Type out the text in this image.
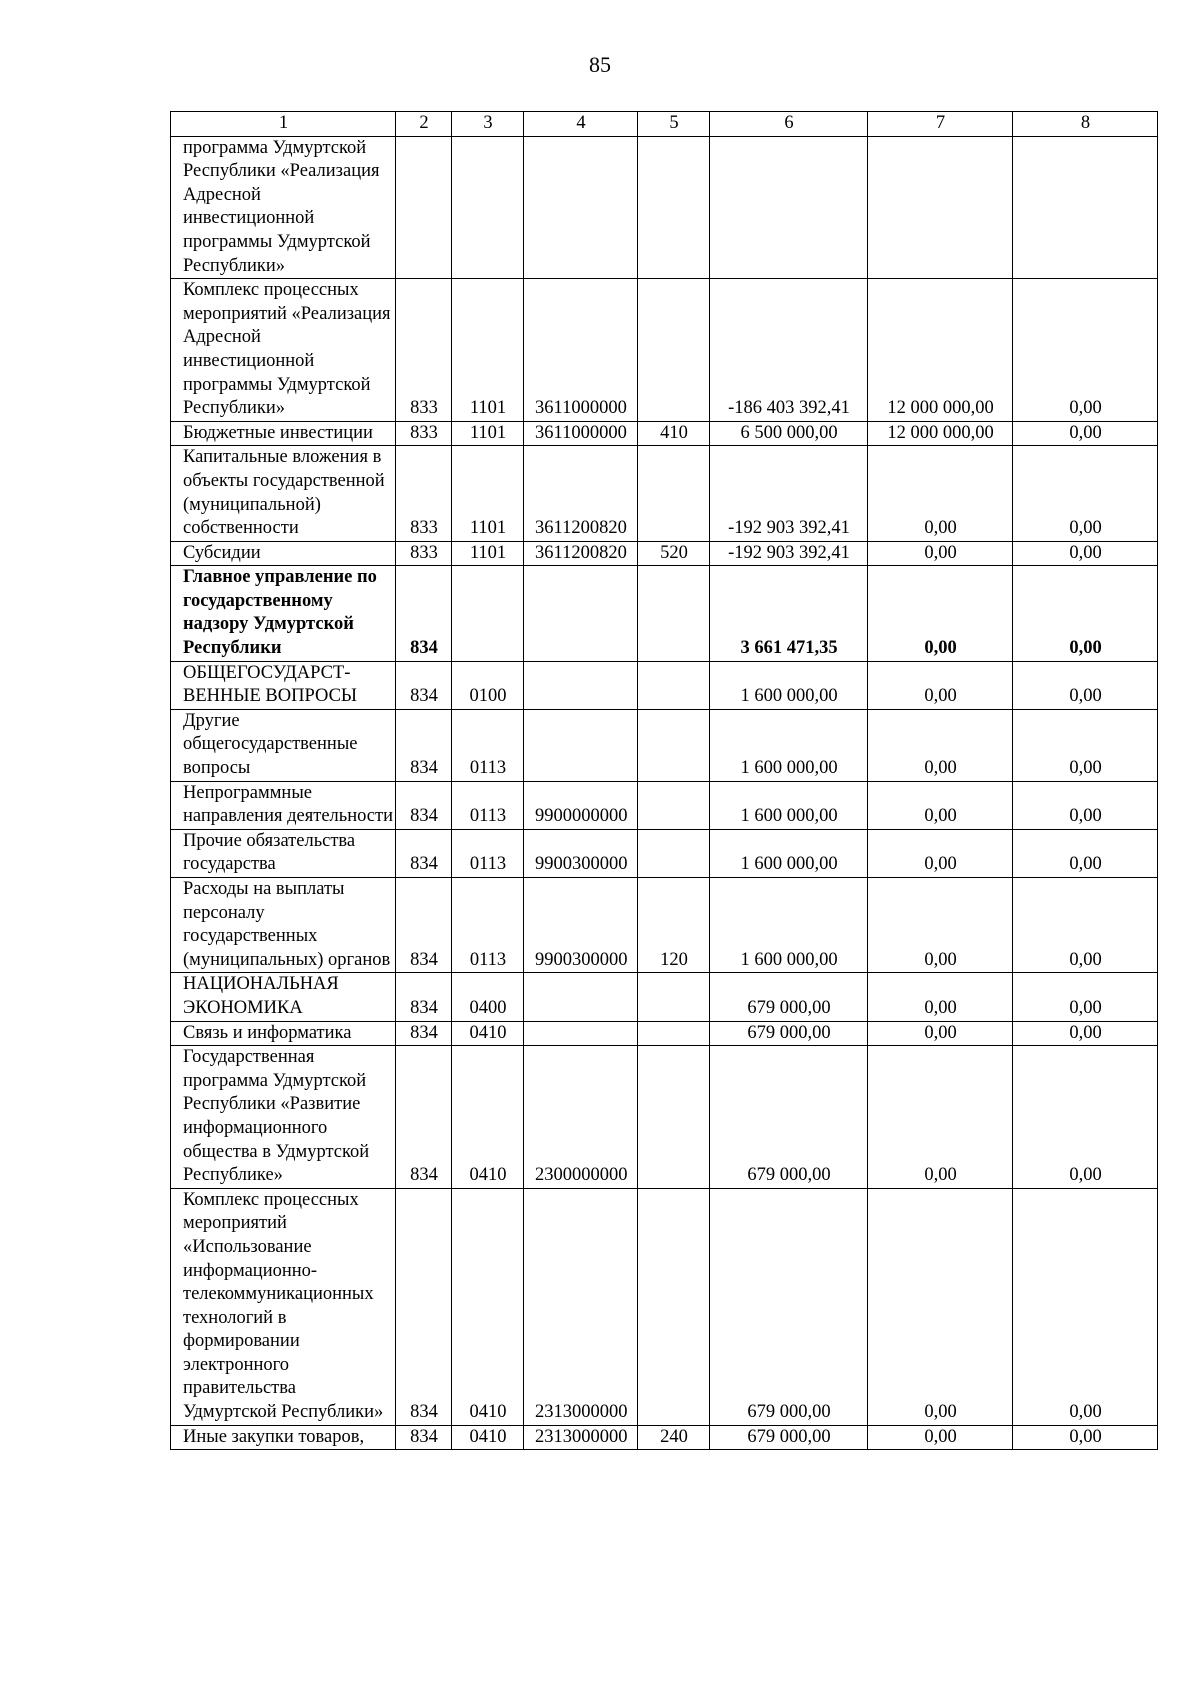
85
1	2	3	4	5	6	7	8
программа Удмуртской Республики «Реализация Адресной инвестиционной программы Удмуртской Республики»							
Комплекс процессных мероприятий «Реализация Адресной инвестиционной программы Удмуртской Республики»	833	1101	3611000000		-186 403 392,41	12 000 000,00	0,00
Бюджетные инвестиции	833	1101	3611000000	410	6 500 000,00	12 000 000,00	0,00
Капитальные вложения в объекты государственной (муниципальной) собственности	833	1101	3611200820		-192 903 392,41	0,00	0,00
Субсидии	833	1101	3611200820	520	-192 903 392,41	0,00	0,00
Главное управление по государственному надзору Удмуртской Республики	834				3 661 471,35	0,00	0,00
ОБЩЕГОСУДАРСТ-ВЕННЫЕ ВОПРОСЫ	834	0100			1 600 000,00	0,00	0,00
Другие общегосударственные вопросы	834	0113			1 600 000,00	0,00	0,00
Непрограммные направления деятельности	834	0113	9900000000		1 600 000,00	0,00	0,00
Прочие обязательства государства	834	0113	9900300000		1 600 000,00	0,00	0,00
Расходы на выплаты персоналу государственных (муниципальных) органов	834	0113	9900300000	120	1 600 000,00	0,00	0,00
НАЦИОНАЛЬНАЯ ЭКОНОМИКА	834	0400			679 000,00	0,00	0,00
Связь и информатика	834	0410			679 000,00	0,00	0,00
Государственная программа Удмуртской Республики «Развитие информационного общества в Удмуртской Республике»	834	0410	2300000000		679 000,00	0,00	0,00
Комплекс процессных мероприятий «Использование информационно-телекоммуникационных технологий в формировании электронного правительства Удмуртской Республики»	834	0410	2313000000		679 000,00	0,00	0,00
Иные закупки товаров,	834	0410	2313000000	240	679 000,00	0,00	0,00
